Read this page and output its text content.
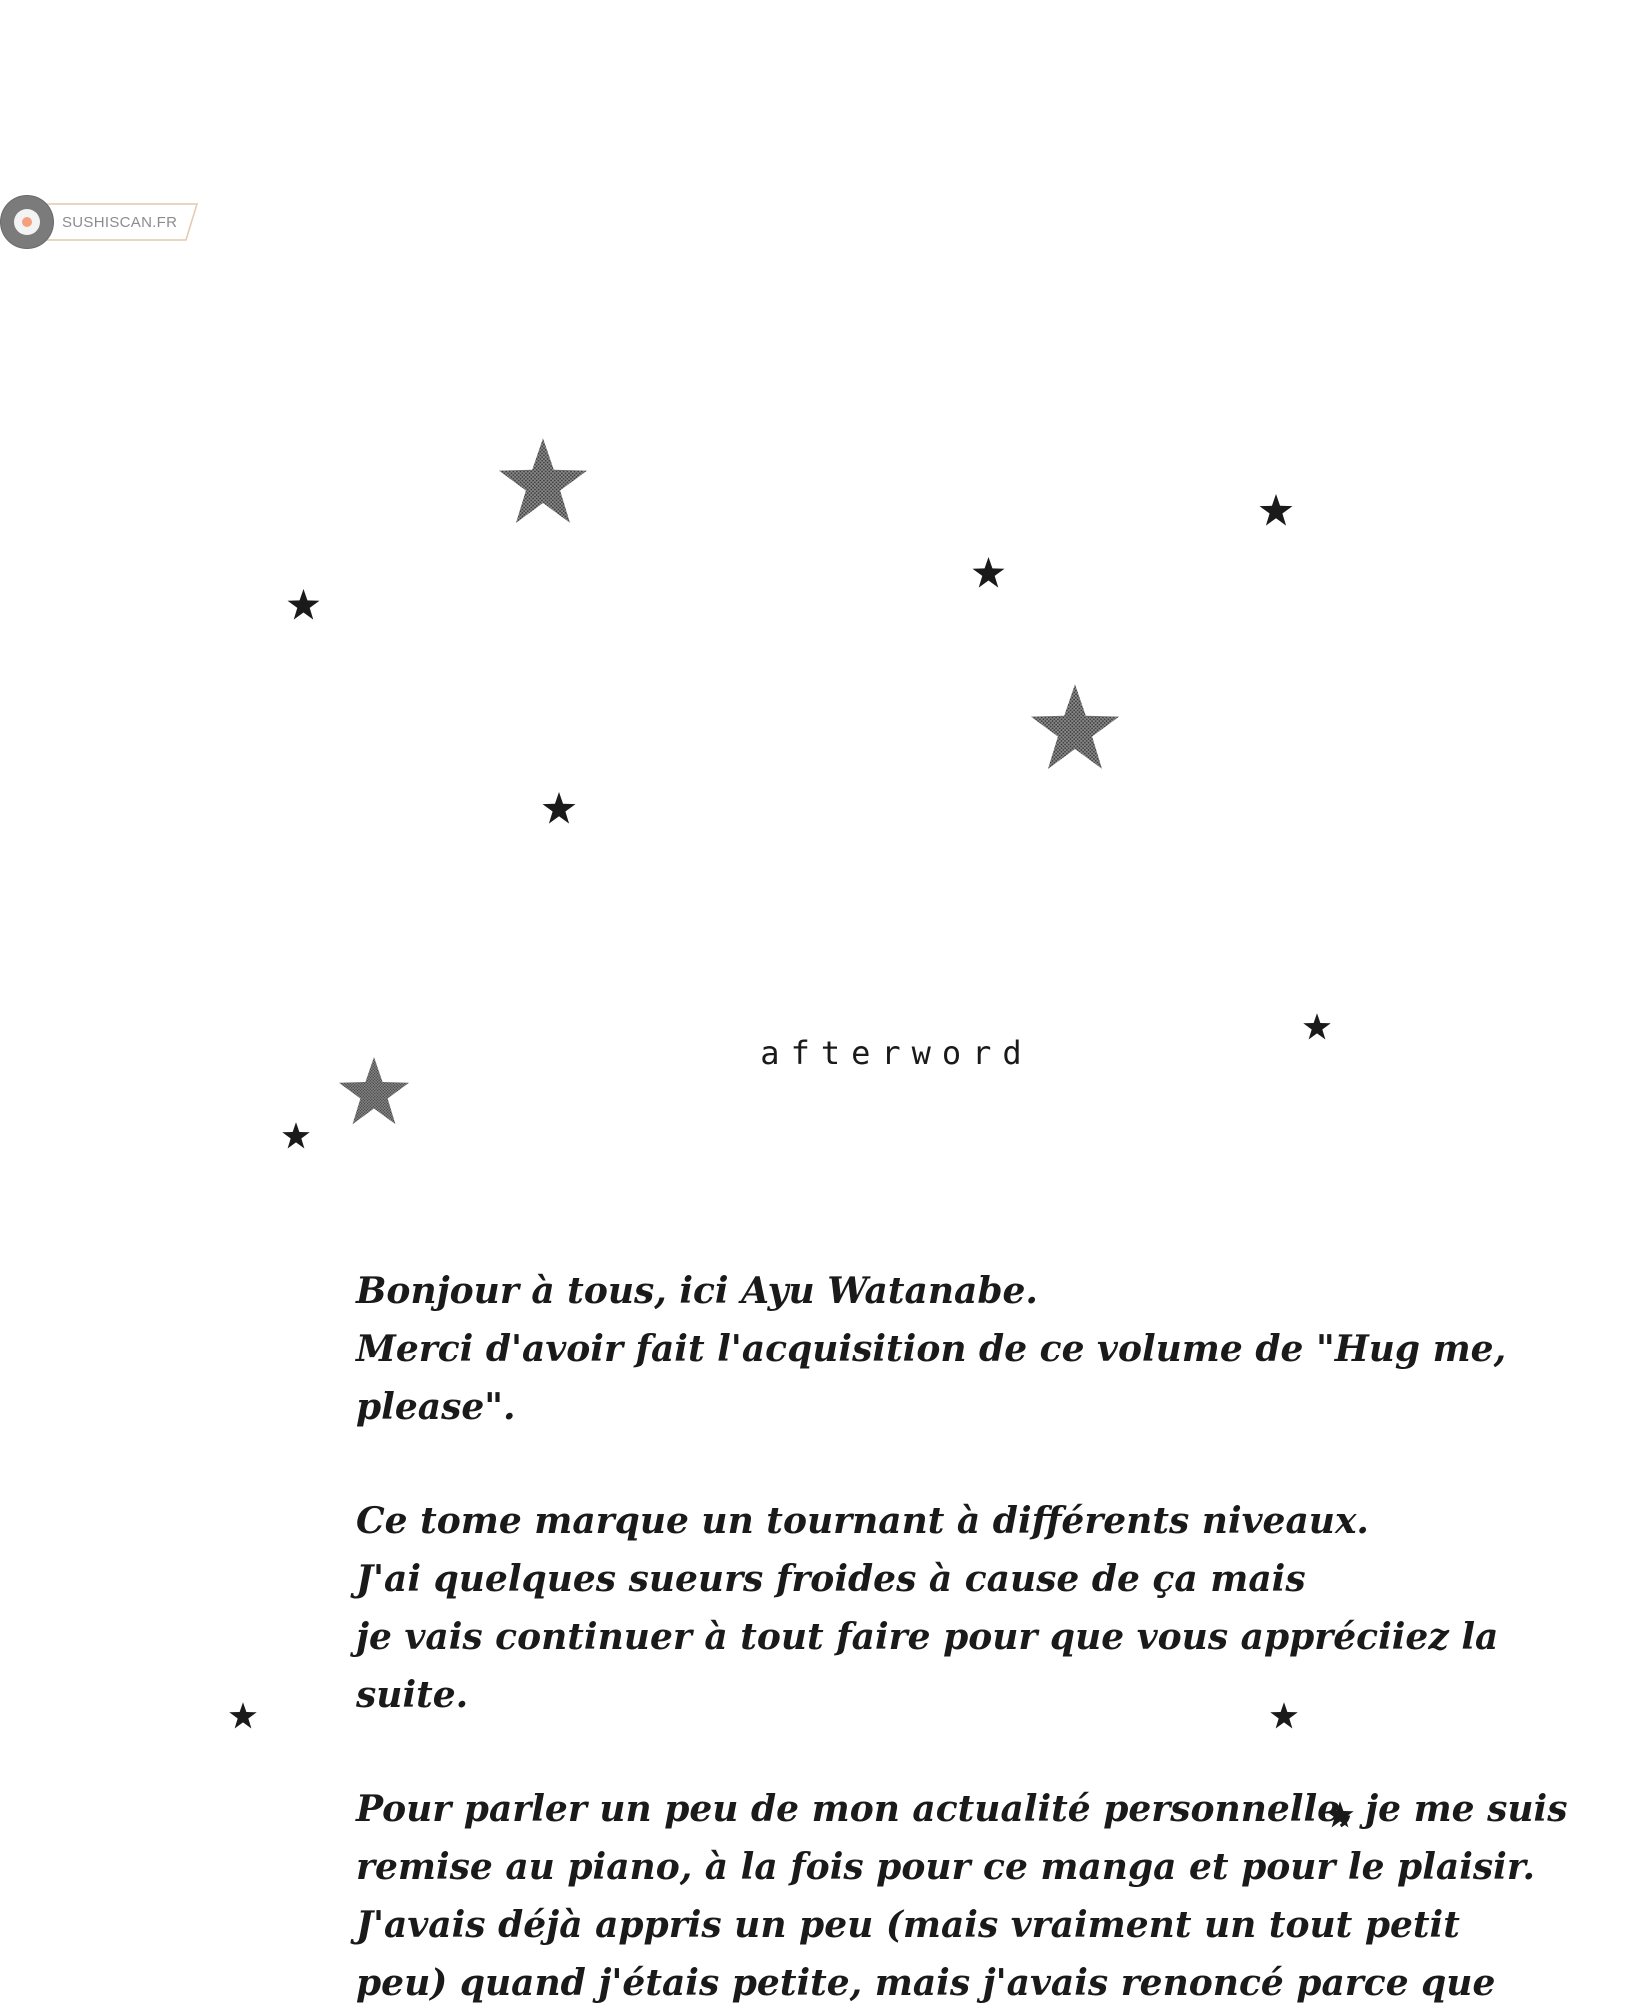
SUSHISCAN.FR
afterword
Bonjour à tous, ici Ayu Watanabe.
Merci d'avoir fait l'acquisition de ce volume de "Hug me,
please".
Ce tome marque un tournant à différents niveaux.
J'ai quelques sueurs froides à cause de ça mais
je vais continuer à tout faire pour que vous appréciiez la
suite.
Pour parler un peu de mon actualité personnelle, je me suis
remise au piano, à la fois pour ce manga et pour le plaisir.
J'avais déjà appris un peu (mais vraiment un tout petit
peu) quand j'étais petite, mais j'avais renoncé parce que
